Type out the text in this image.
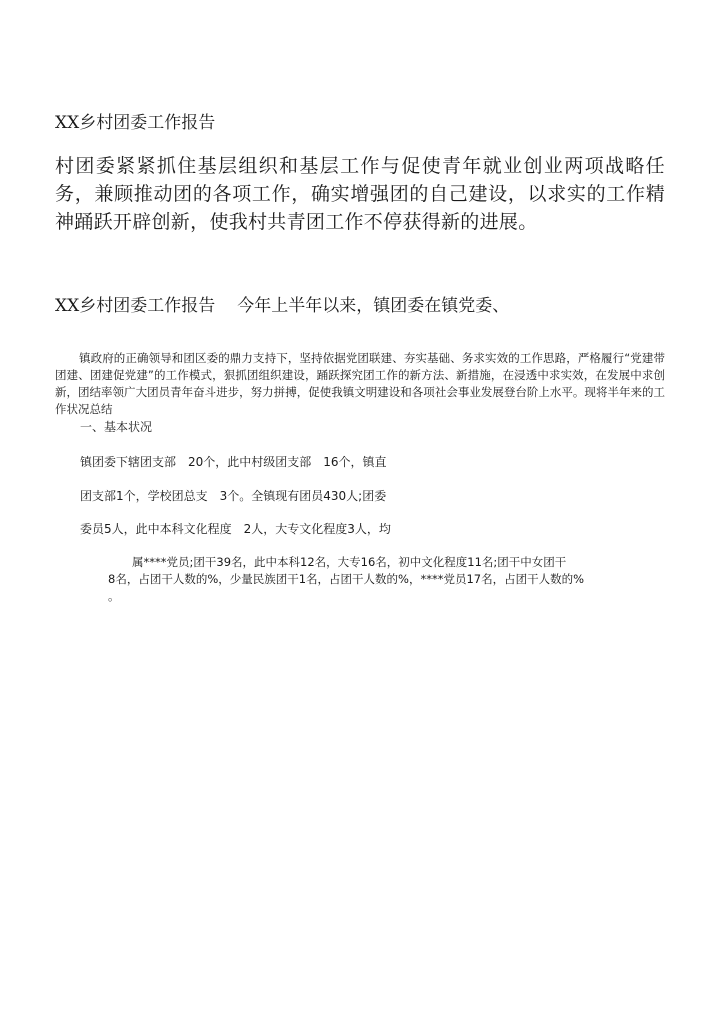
XX乡村团委工作报告
村团委紧紧抓住基层组织和基层工作与促使青年就业创业两项战略任务，兼顾推动团的各项工作，确实增强团的自己建设，以求实的工作精神踊跃开辟创新，使我村共青团工作不停获得新的进展。
XX乡村团委工作报告 今年上半年以来，镇团委在镇党委、
镇政府的正确领导和团区委的鼎力支持下，坚持依据党团联建、夯实基础、务求实效的工作思路，严格履行“党建带团建、团建促党建”的工作模式，狠抓团组织建设，踊跃探究团工作的新方法、新措施，在浸透中求实效，在发展中求创新，团结率领广大团员青年奋斗进步，努力拼搏，促使我镇文明建设和各项社会事业发展登台阶上水平。现将半年来的工作状况总结
一、基本状况
镇团委下辖团支部　20个，此中村级团支部　16个，镇直
团支部1个，学校团总支　3个。全镇现有团员430人;团委
委员5人，此中本科文化程度　2人，大专文化程度3人，均
属****党员;团干39名，此中本科12名，大专16名，初中文化程度11名;团干中女团干
8名，占团干人数的%，少量民族团干1名，占团干人数的%，****党员17名，占团干人数的%
。
